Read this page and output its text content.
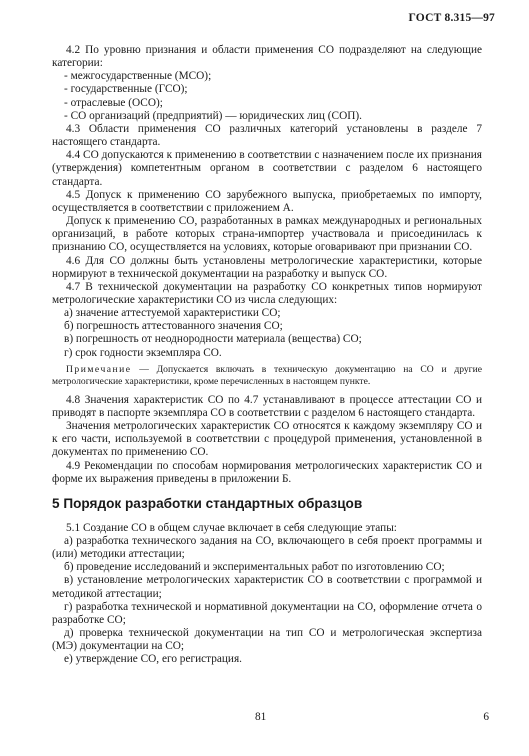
ГОСТ 8.315—97

4.2 По уровню признания и области применения СО подразделяют на следующие категории:

- межгосударственные (МСО);

- государственные (ГСО);

- отраслевые (ОСО);

- СО организаций (предприятий) — юридических лиц (СОП).

4.3 Области применения СО различных категорий установлены в разделе 7 настоящего стандарта.

4.4 СО допускаются к применению в соответствии с назначением после их признания (утверждения) компетентным органом в соответствии с разделом 6 настоящего стандарта.

4.5 Допуск к применению СО зарубежного выпуска, приобретаемых по импорту, осуществляется в соответствии с приложением А.

Допуск к применению СО, разработанных в рамках международных и региональных организаций, в работе которых страна-импортер участвовала и присоединилась к признанию СО, осуществляется на условиях, которые оговаривают при признании СО.

4.6 Для СО должны быть установлены метрологические характеристики, которые нормируют в технической документации на разработку и выпуск СО.

4.7 В технической документации на разработку СО конкретных типов нормируют метрологические характеристики СО из числа следующих:

а) значение аттестуемой характеристики СО;

б) погрешность аттестованного значения СО;

в) погрешность от неоднородности материала (вещества) СО;

г) срок годности экземпляра СО.

Примечание — Допускается включать в техническую документацию на СО и другие метрологические характеристики, кроме перечисленных в настоящем пункте.

4.8 Значения характеристик СО по 4.7 устанавливают в процессе аттестации СО и приводят в паспорте экземпляра СО в соответствии с разделом 6 настоящего стандарта.

Значения метрологических характеристик СО относятся к каждому экземпляру СО и к его части, используемой в соответствии с процедурой применения, установленной в документах по применению СО.

4.9 Рекомендации по способам нормирования метрологических характеристик СО и форме их выражения приведены в приложении Б.

5 Порядок разработки стандартных образцов

5.1 Создание СО в общем случае включает в себя следующие этапы:

а) разработка технического задания на СО, включающего в себя проект программы и (или) методики аттестации;

б) проведение исследований и экспериментальных работ по изготовлению СО;

в) установление метрологических характеристик СО в соответствии с программой и методикой аттестации;

г) разработка технической и нормативной документации на СО, оформление отчета о разработке СО;

д) проверка технической документации на тип СО и метрологическая экспертиза (МЭ) документации на СО;

е) утверждение СО, его регистрация.

81	6
